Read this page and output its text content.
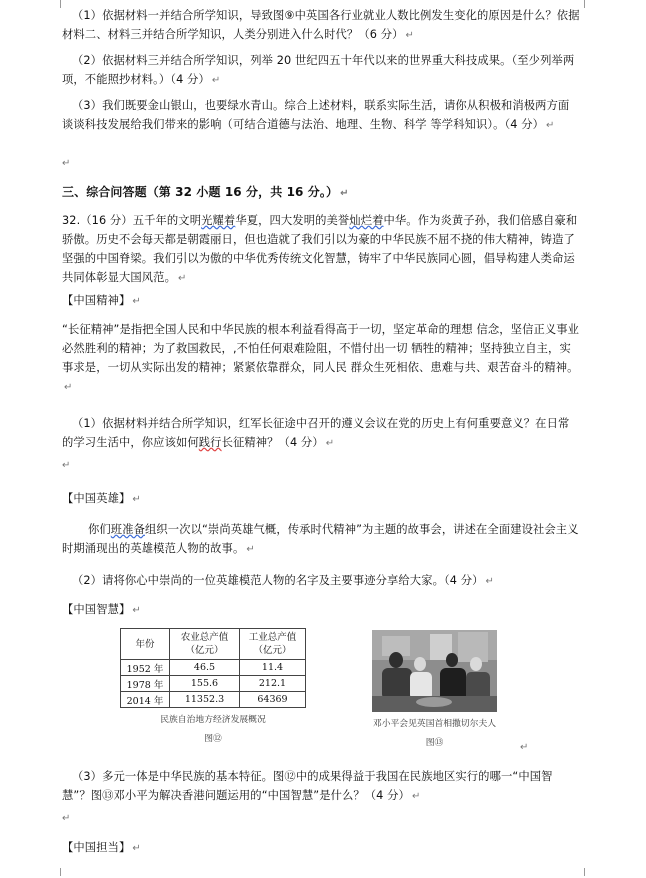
（1）依据材料一并结合所学知识，导致图⑨中英国各行业就业人数比例发生变化的原因是什么？依据材料二、材料三并结合所学知识，人类分别进入什么时代？（6 分） ↵
（2）依据材料三并结合所学知识，列举 20 世纪四五十年代以来的世界重大科技成果。（至少列举两项，不能照抄材料。）（4 分） ↵
（3）我们既要金山银山，也要绿水青山。综合上述材料，联系实际生活，请你从积极和消极两方面谈谈科技发展给我们带来的影响（可结合道德与法治、地理、生物、科学 等学科知识）。（4 分） ↵
↵
三、综合问答题（第 32 小题 16 分，共 16 分。） ↵
32.（16 分）五千年的文明光耀着华夏，四大发明的美誉灿烂着中华。作为炎黄子孙，我们倍感自豪和骄傲。历史不会每天都是朝霞丽日，但也造就了我们引以为豪的中华民族不屈不挠的伟大精神，铸造了坚强的中国脊梁。我们引以为傲的中华优秀传统文化智慧，铸牢了中华民族同心圆，倡导构建人类命运共同体彰显大国风范。 ↵
【中国精神】 ↵
“长征精神”是指把全国人民和中华民族的根本利益看得高于一切，坚定革命的理想 信念，坚信正义事业必然胜利的精神；为了救国救民，,不怕任何艰难险阻，不惜付出一切 牺牲的精神；坚持独立自主，实事求是，一切从实际出发的精神；紧紧依靠群众，同人民 群众生死相依、患难与共、艰苦奋斗的精神。↵
（1）依据材料并结合所学知识，红军长征途中召开的遵义会议在党的历史上有何重要意义？在日常的学习生活中，你应该如何践行长征精神？（4 分） ↵
↵
【中国英雄】 ↵
你们班准备组织一次以“崇尚英雄气概，传承时代精神”为主题的故事会，讲述在全面建设社会主义时期涌现出的英雄模范人物的故事。 ↵
（2）请将你心中崇尚的一位英雄模范人物的名字及主要事迹分享给大家。（4 分） ↵
【中国智慧】 ↵
年份	农业总产值（亿元）	工业总产值（亿元）
1952 年	46.5	11.4
1978 年	155.6	212.1
2014 年	11352.3	64369
民族自治地方经济发展概况
图⑫
邓小平会见英国首相撒切尔夫人
图⑬	↵
（3）多元一体是中华民族的基本特征。图⑫中的成果得益于我国在民族地区实行的哪一“中国智慧”？图⑬邓小平为解决香港问题运用的“中国智慧”是什么？（4 分） ↵
↵
【中国担当】 ↵
